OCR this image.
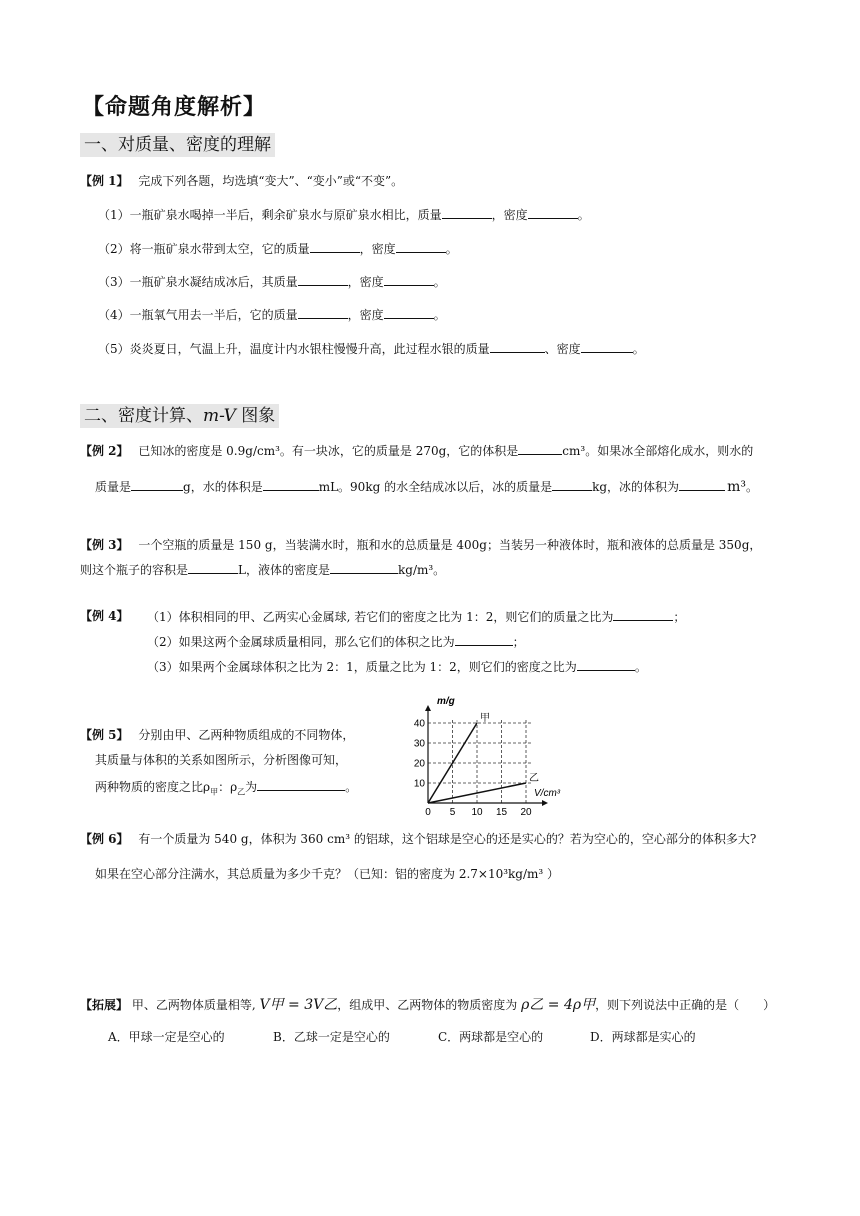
【命题角度解析】
一、对质量、密度的理解
【例 1】 完成下列各题，均选填“变大”、“变小”或“不变”。
（1）一瓶矿泉水喝掉一半后，剩余矿泉水与原矿泉水相比，质量	，密度	。
（2）将一瓶矿泉水带到太空，它的质量	，密度	。
（3）一瓶矿泉水凝结成冰后，其质量	，密度	。
（4）一瓶氧气用去一半后，它的质量	，密度	。
（5）炎炎夏日，气温上升，温度计内水银柱慢慢升高，此过程水银的质量	、密度	。
二、密度计算、m-V 图象
【例 2】 已知冰的密度是 0.9g/cm³。有一块冰，它的质量是 270g，它的体积是	cm³。如果冰全部熔化成水，则水的
质量是	g，水的体积是	mL。90kg 的水全结成冰以后，冰的质量是	kg，冰的体积为	m³。
【例 3】 一个空瓶的质量是 150 g，当装满水时，瓶和水的总质量是 400g；当装另一种液体时，瓶和液体的总质量是 350g，
则这个瓶子的容积是	L，液体的密度是	kg/m³。
【例 4】 （1）体积相同的甲、乙两实心金属球, 若它们的密度之比为 1：2，则它们的质量之比为	；
（2）如果这两个金属球质量相同，那么它们的体积之比为	；
（3）如果两个金属球体积之比为 2：1，质量之比为 1：2，则它们的密度之比为	。
【例 5】 分别由甲、乙两种物质组成的不同物体，
其质量与体积的关系如图所示，分析图像可知，
两种物质的密度之比$\rho_甲$：$\rho_乙$为	。	10
20
30
40
0 5 10 15 20
甲
乙
m/g
V/cm³
【例 6】 有一个质量为 540 g，体积为 360 cm³ 的铝球，这个铝球是空心的还是实心的？若为空心的，空心部分的体积多大?
如果在空心部分注满水，其总质量为多少千克？（已知：铝的密度为 2.7×10³kg/m³ ）
【拓展】 甲、乙两物体质量相等, V甲 = 3V乙，组成甲、乙两物体的物质密度为 ρ乙 = 4ρ甲，则下列说法中正确的是（　　）
A．甲球一定是空心的	B．乙球一定是空心的	C．两球都是空心的	D．两球都是实心的
